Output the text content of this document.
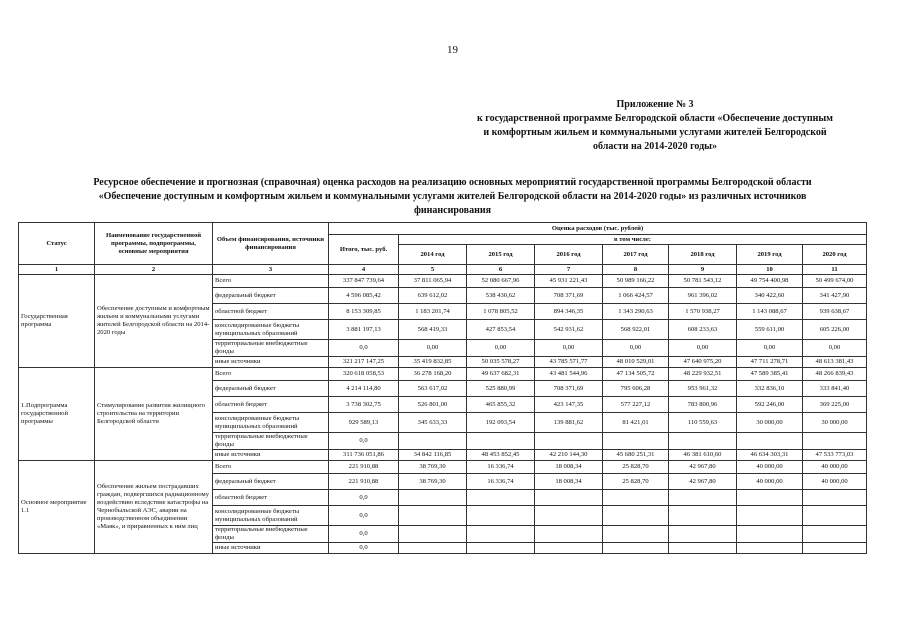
19
Приложение № 3
к государственной программе Белгородской области «Обеспечение доступным
и комфортным жильем и коммунальными услугами жителей Белгородской
области на 2014-2020 годы»
Ресурсное обеспечение и прогнозная (справочная) оценка расходов на реализацию основных мероприятий государственной программы Белгородской области
«Обеспечение доступным и комфортным жильем и коммунальными услугами жителей Белгородской области на 2014-2020 годы» из различных источников
финансирования
Статус	Наименование государственной программы, подпрограммы, основные мероприятия	Объем финансирования, источники финансирования	Оценка расходов (тыс. рублей)							
			Итого, тыс. руб.	в том числе:						
				2014 год	2015 год	2016 год	2017 год	2018 год	2019 год	2020 год
1	2	3	4	5	6	7	8	9	10	11
Государственная программа	Обеспечение доступным и комфортным жильем и коммунальными услугами жителей Белгородской области на 2014-2020 годы	Всего	337 847 739,64	37 811 065,94	52 080 667,96	45 931 221,43	50 989 166,22	50 781 543,12	49 754 400,98	50 499 674,00
		федеральный бюджет	4 596 085,42	639 612,02	538 430,62	708 371,69	1 066 424,57	961 396,02	340 422,60	341 427,90
		областной бюджет	8 153 309,85	1 183 201,74	1 078 805,52	894 346,35	1 343 290,63	1 570 938,27	1 143 088,67	939 638,67
		консолидированные бюджеты муниципальных образований	3 881 197,13	568 419,33	427 853,54	542 931,62	568 922,01	608 233,63	559 611,00	605 226,00
		территориальные внебюджетные фонды	0,0	0,00	0,00	0,00	0,00	0,00	0,00	0,00
		иные источники	321 217 147,25	35 419 832,85	50 035 578,27	43 785 571,77	48 010 529,01	47 640 975,20	47 711 278,71	48 613 381,43
1.Подпрограмма государственной программы	Стимулирование развития жилищного строительства на территории Белгородской области	Всего	320 618 058,53	36 278 168,20	49 637 682,31	43 481 544,96	47 134 505,72	48 229 932,51	47 589 385,41	48 266 839,43
		федеральный бюджет	4 214 114,80	563 617,02	525 880,99	708 371,69	795 606,28	953 961,32	332 836,10	333 841,40
		областной бюджет	3 738 302,75	526 801,00	465 855,32	423 147,35	577 227,12	783 800,96	592 246,00	369 225,00
		консолидированные бюджеты муниципальных образований	929 589,13	345 633,33	192 093,54	139 881,62	81 421,01	110 559,63	30 000,00	30 000,00
		территориальные внебюджетные фонды	0,0							
		иные источники	311 736 051,86	34 842 116,85	48 453 852,45	42 210 144,30	45 680 251,31	46 381 610,60	46 634 303,31	47 533 773,03
Основное мероприятие 1.1	Обеспечение жильем пострадавших граждан, подвергшихся радиационному воздействию вследствие катастрофы на Чернобыльской АЭС, аварии на производственном объединении «Маяк», и приравненных к ним лиц	Всего	221 910,88	38 769,30	16 336,74	18 008,34	25 828,70	42 967,80	40 000,00	40 000,00
		федеральный бюджет	221 910,88	38 769,30	16 336,74	18 008,34	25 828,70	42 967,80	40 000,00	40 000,00
		областной бюджет	0,0							
		консолидированные бюджеты муниципальных образований	0,0							
		территориальные внебюджетные фонды	0,0							
		иные источники	0,0							
